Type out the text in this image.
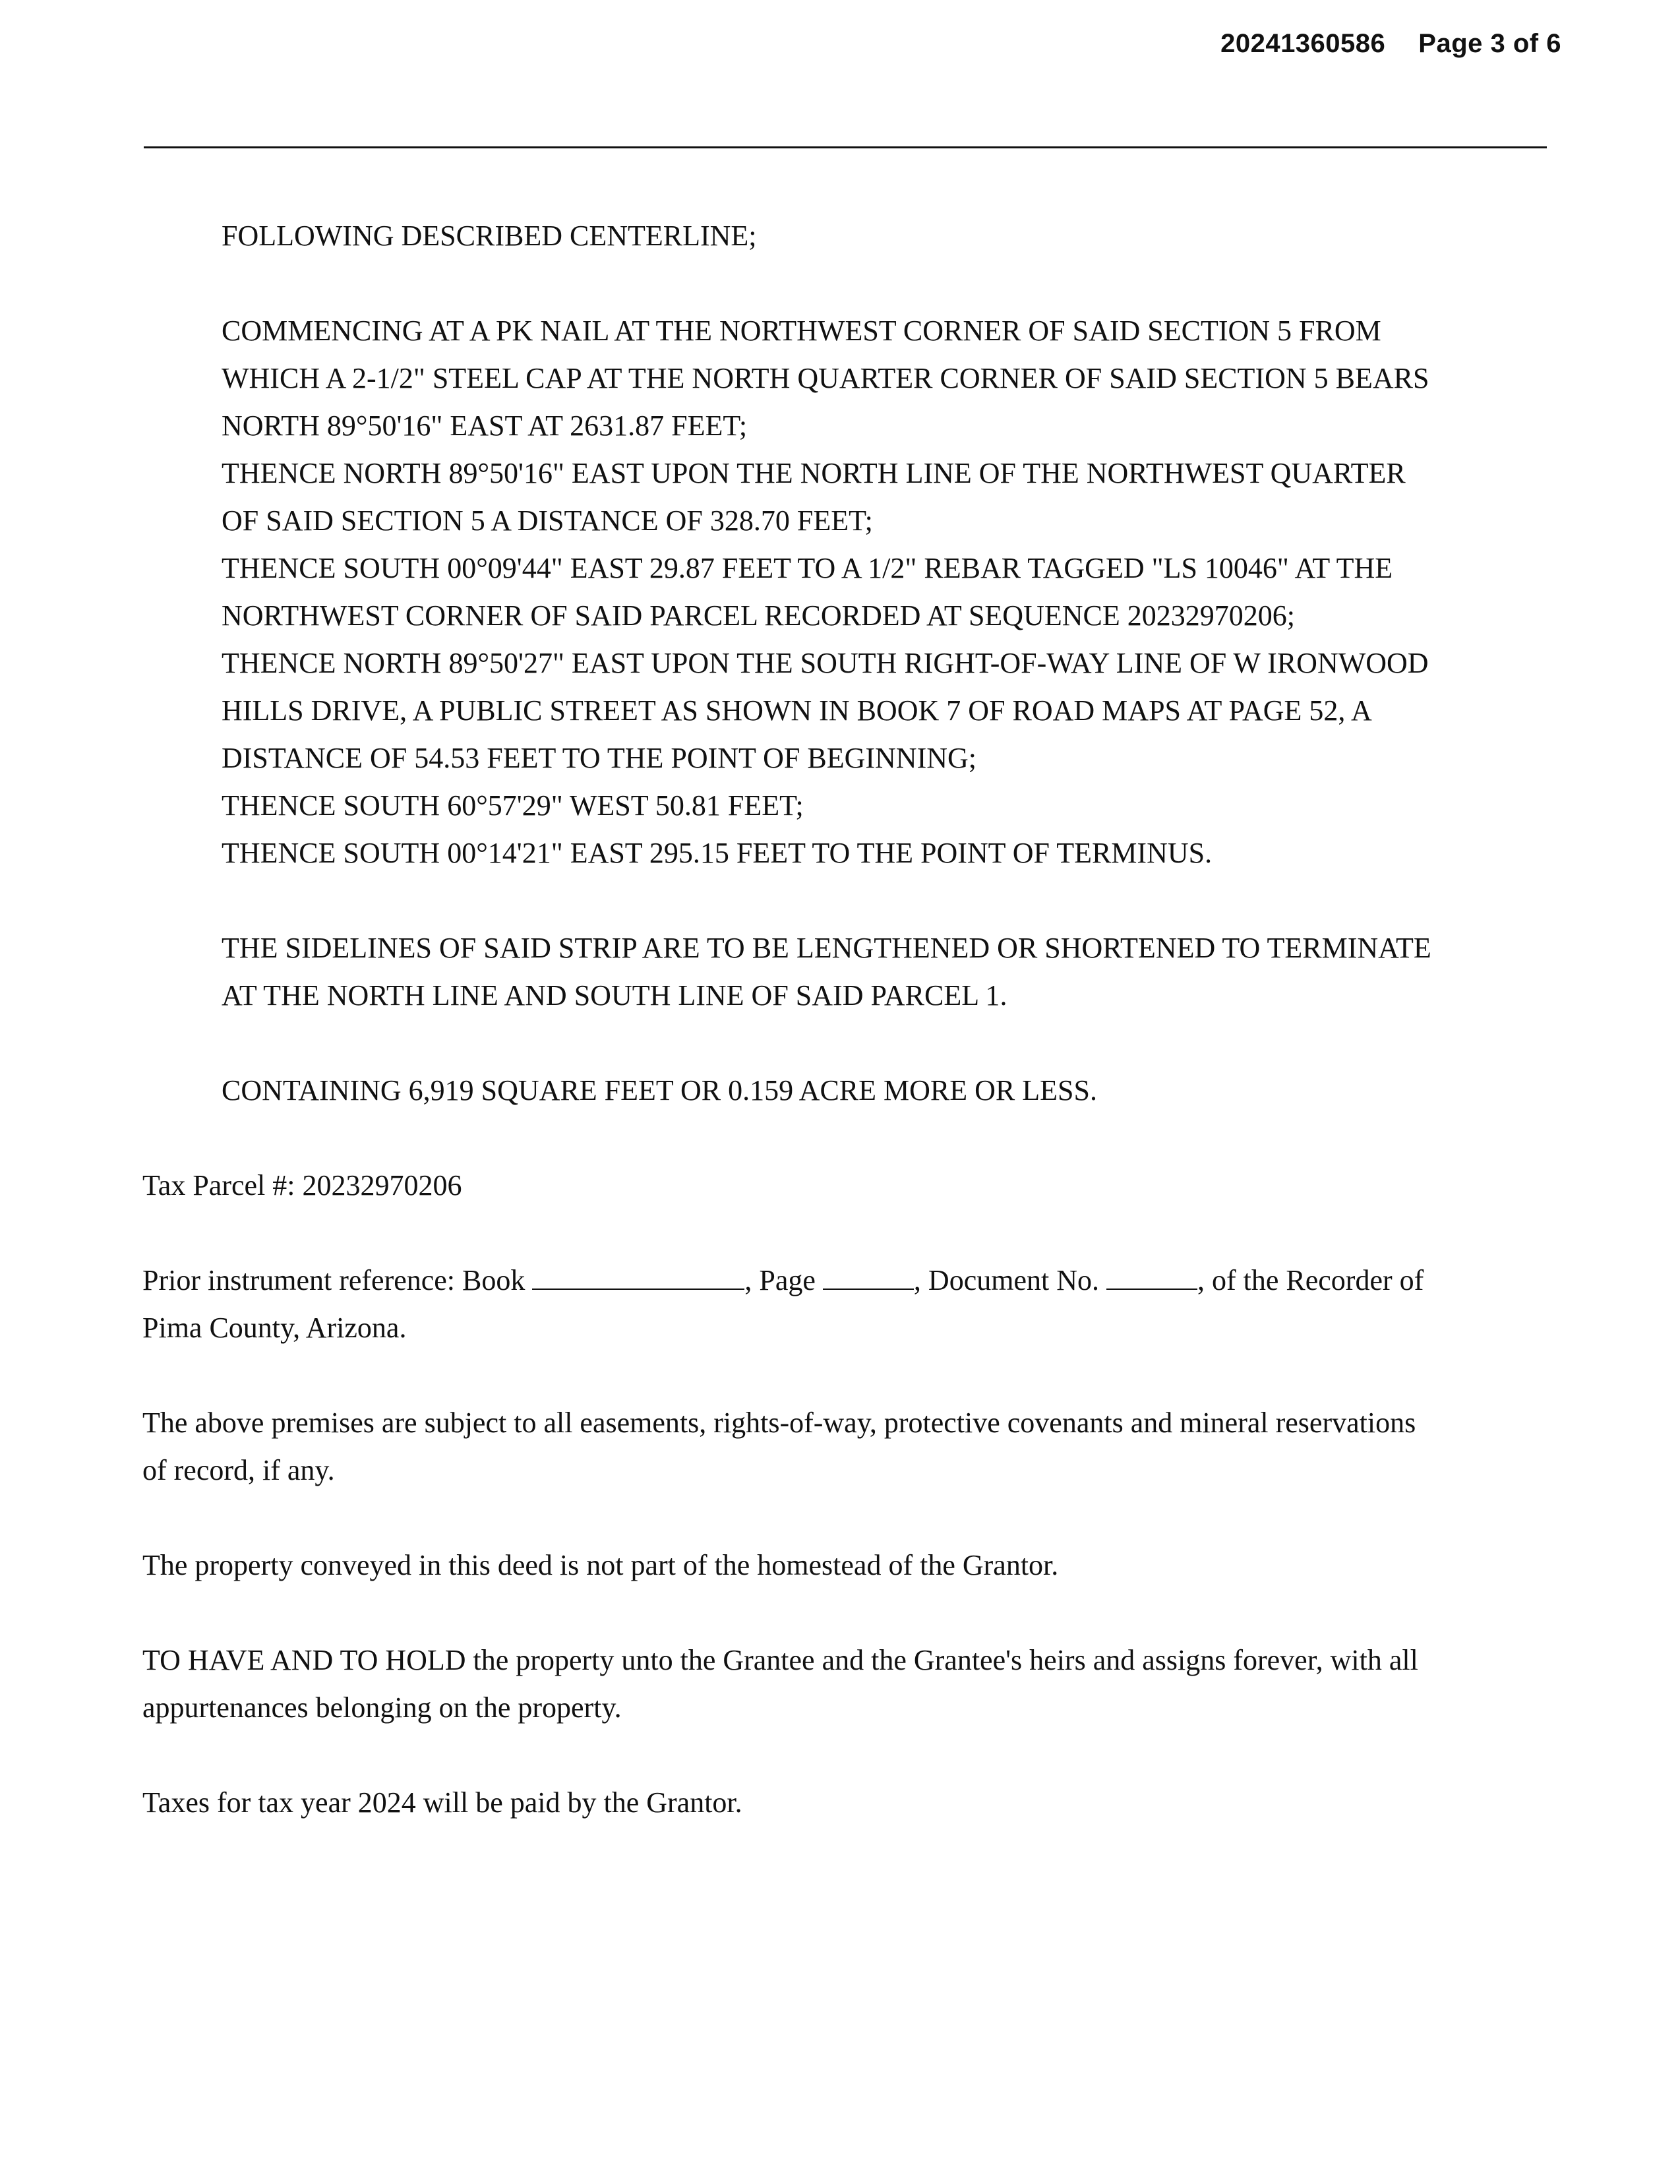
20241360586 Page 3 of 6
FOLLOWING DESCRIBED CENTERLINE;
COMMENCING AT A PK NAIL AT THE NORTHWEST CORNER OF SAID SECTION 5 FROM
WHICH A 2-1/2" STEEL CAP AT THE NORTH QUARTER CORNER OF SAID SECTION 5 BEARS
NORTH 89°50'16" EAST AT 2631.87 FEET;
THENCE NORTH 89°50'16" EAST UPON THE NORTH LINE OF THE NORTHWEST QUARTER
OF SAID SECTION 5 A DISTANCE OF 328.70 FEET;
THENCE SOUTH 00°09'44" EAST 29.87 FEET TO A 1/2" REBAR TAGGED "LS 10046" AT THE
NORTHWEST CORNER OF SAID PARCEL RECORDED AT SEQUENCE 20232970206;
THENCE NORTH 89°50'27" EAST UPON THE SOUTH RIGHT-OF-WAY LINE OF W IRONWOOD
HILLS DRIVE, A PUBLIC STREET AS SHOWN IN BOOK 7 OF ROAD MAPS AT PAGE 52, A
DISTANCE OF 54.53 FEET TO THE POINT OF BEGINNING;
THENCE SOUTH 60°57'29" WEST 50.81 FEET;
THENCE SOUTH 00°14'21" EAST 295.15 FEET TO THE POINT OF TERMINUS.
THE SIDELINES OF SAID STRIP ARE TO BE LENGTHENED OR SHORTENED TO TERMINATE
AT THE NORTH LINE AND SOUTH LINE OF SAID PARCEL 1.
CONTAINING 6,919 SQUARE FEET OR 0.159 ACRE MORE OR LESS.
Tax Parcel #: 20232970206
Prior instrument reference: Book	, Page	, Document No.	, of the Recorder of
Pima County, Arizona.
The above premises are subject to all easements, rights-of-way, protective covenants and mineral reservations
of record, if any.
The property conveyed in this deed is not part of the homestead of the Grantor.
TO HAVE AND TO HOLD the property unto the Grantee and the Grantee's heirs and assigns forever, with all
appurtenances belonging on the property.
Taxes for tax year 2024 will be paid by the Grantor.
